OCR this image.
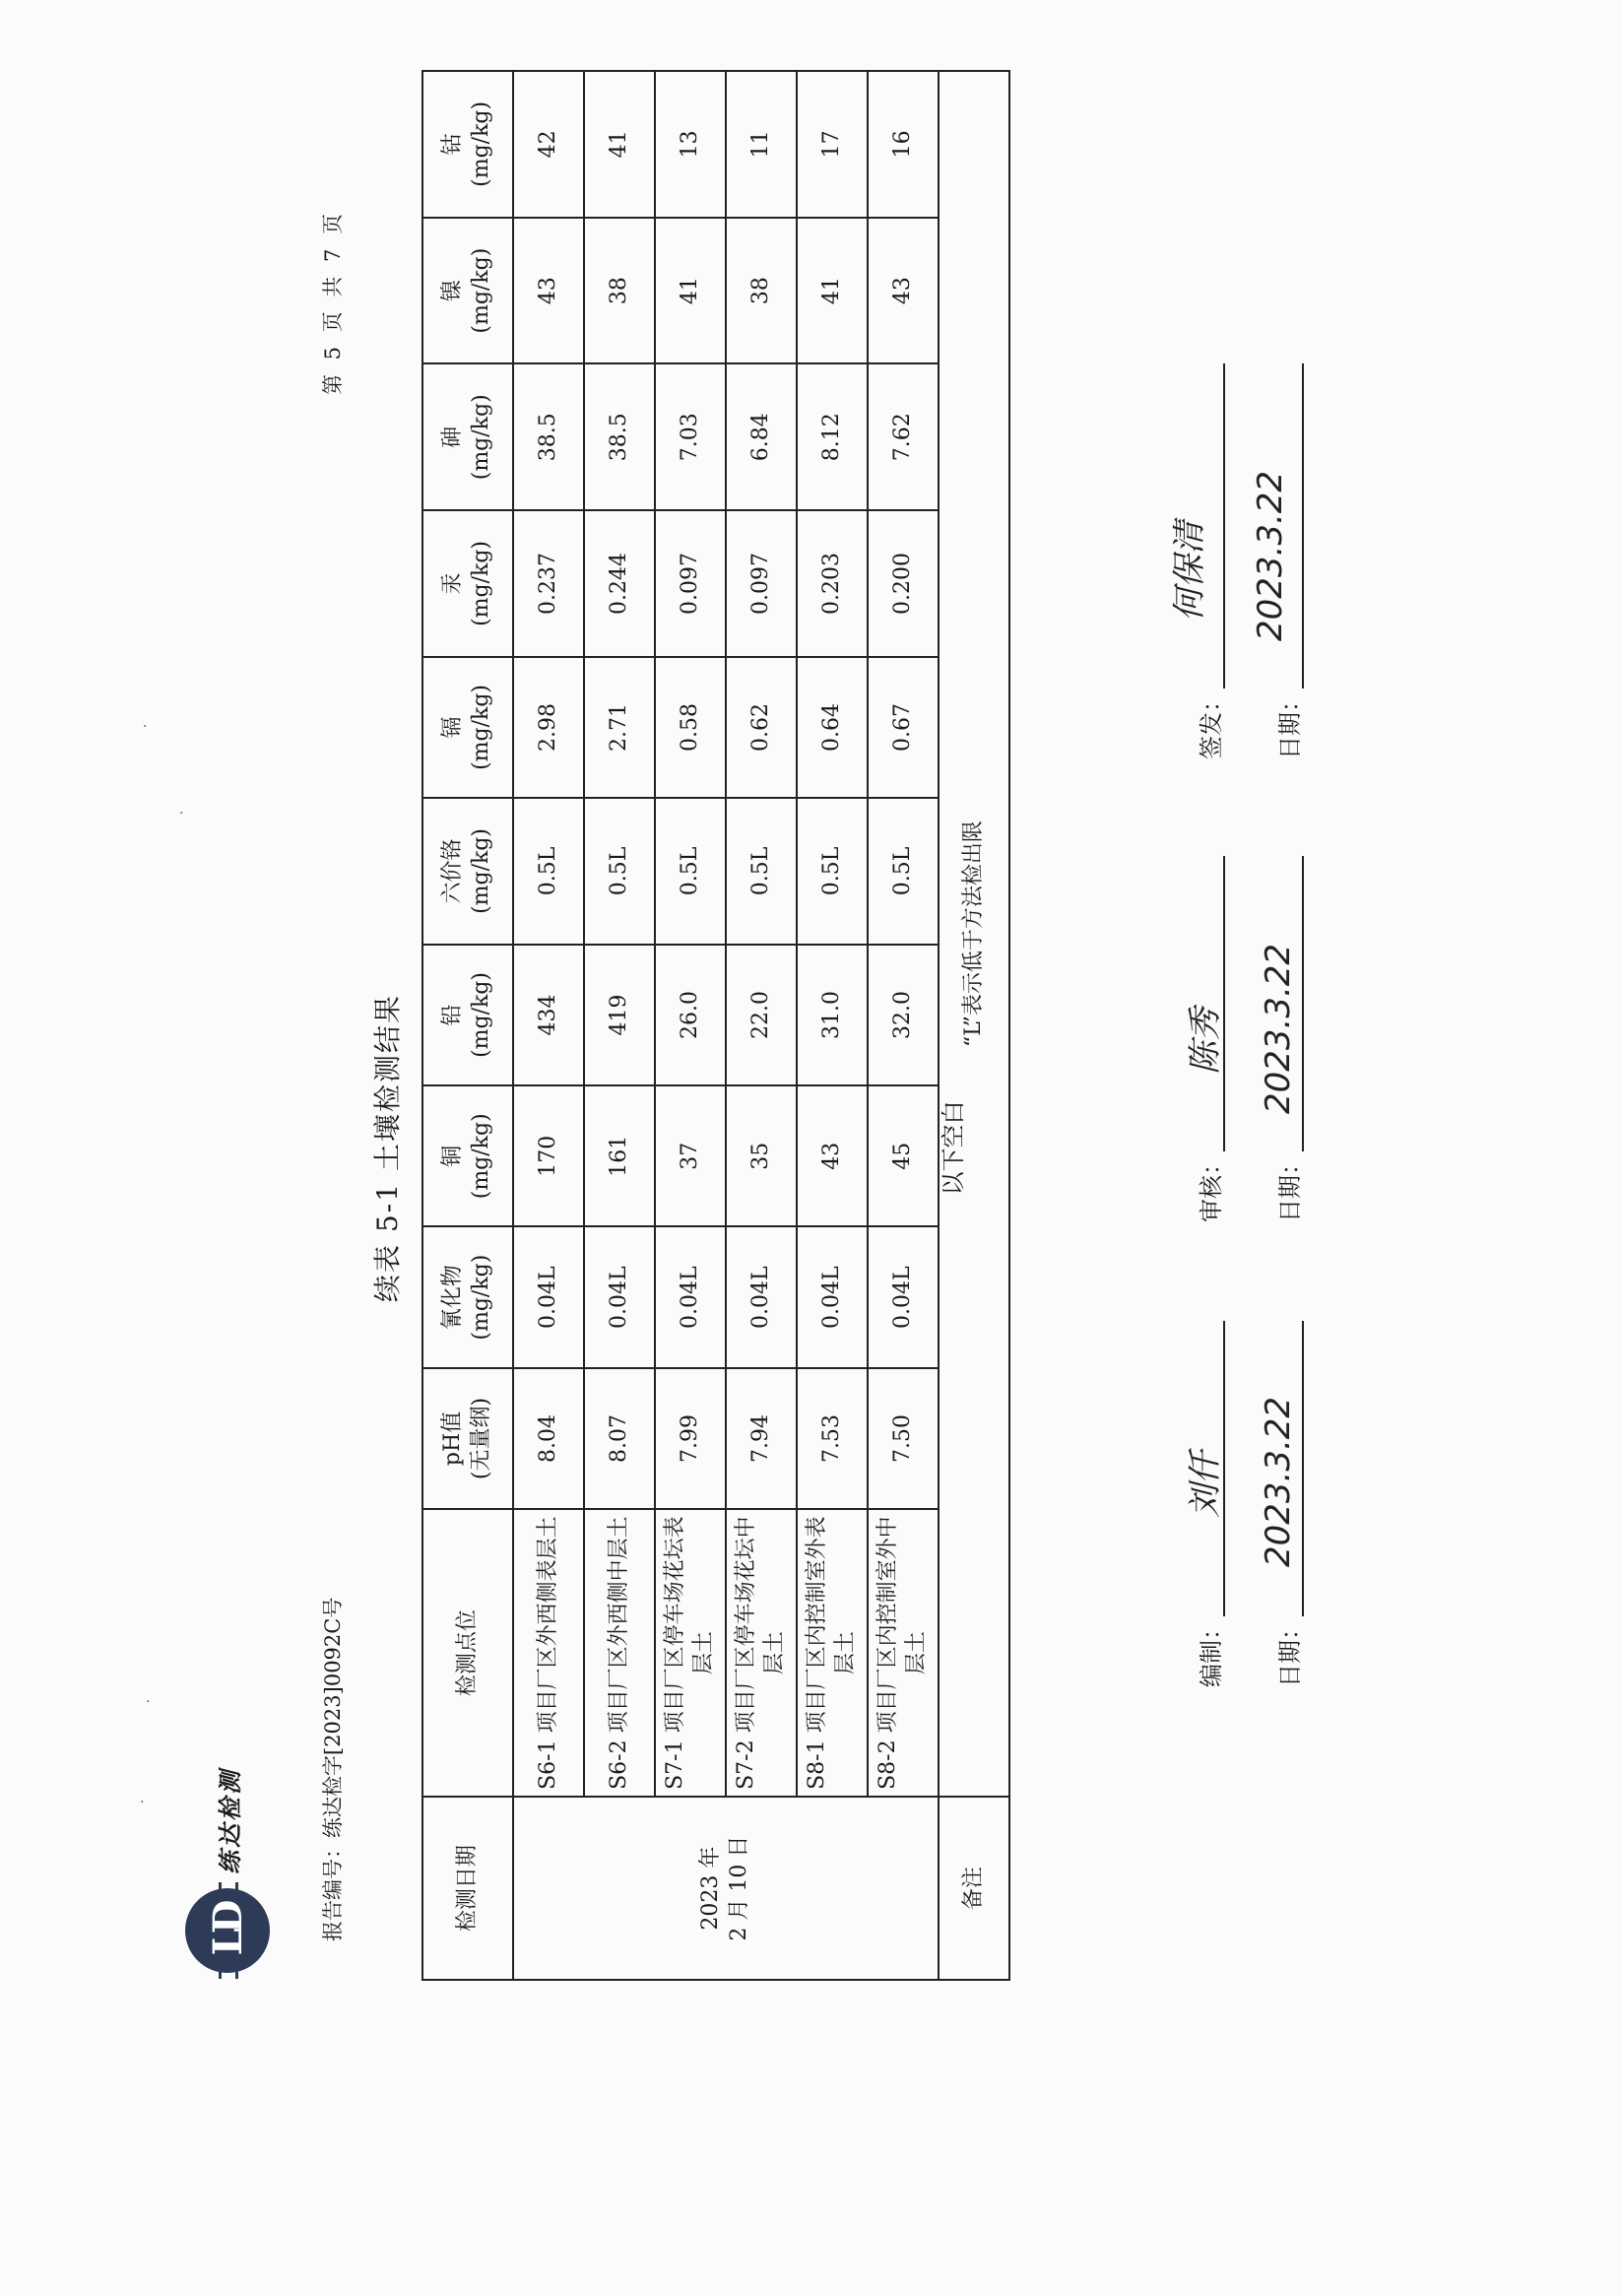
·
·
·
·
LD
练达检测	报告编号：练达检字[2023]0092C号
第 5 页 共 7 页
续表 5-1 土壤检测结果
检测日期	检测点位	pH值 (无量纲)	氰化物 (mg/kg)	铜 (mg/kg)	铅 (mg/kg)	六价铬 (mg/kg)	镉 (mg/kg)	汞 (mg/kg)	砷 (mg/kg)	镍 (mg/kg)	钴 (mg/kg)

2023 年
2 月 10 日	S6-1 项目厂区外西侧表层土	8.04	0.04L	170	434	0.5L	2.98	0.237	38.5	43	42
	S6-2 项目厂区外西侧中层土	8.07	0.04L	161	419	0.5L	2.71	0.244	38.5	38	41
	S7-1 项目厂区停车场花坛表层土	7.99	0.04L	37	26.0	0.5L	0.58	0.097	7.03	41	13
	S7-2 项目厂区停车场花坛中层土	7.94	0.04L	35	22.0	0.5L	0.62	0.097	6.84	38	11
	S8-1 项目厂区内控制室外表层土	7.53	0.04L	43	31.0	0.5L	0.64	0.203	8.12	41	17
	S8-2 项目厂区内控制室外中层土	7.50	0.04L	45	32.0	0.5L	0.67	0.200	7.62	43	16
备注	“L”表示低于方法检出限										
以下空白
编制：
刘仟
日期：
2023.3.22
审核：
陈秀
日期：
2023.3.22
签发：
何保清
日期：
2023.3.22
